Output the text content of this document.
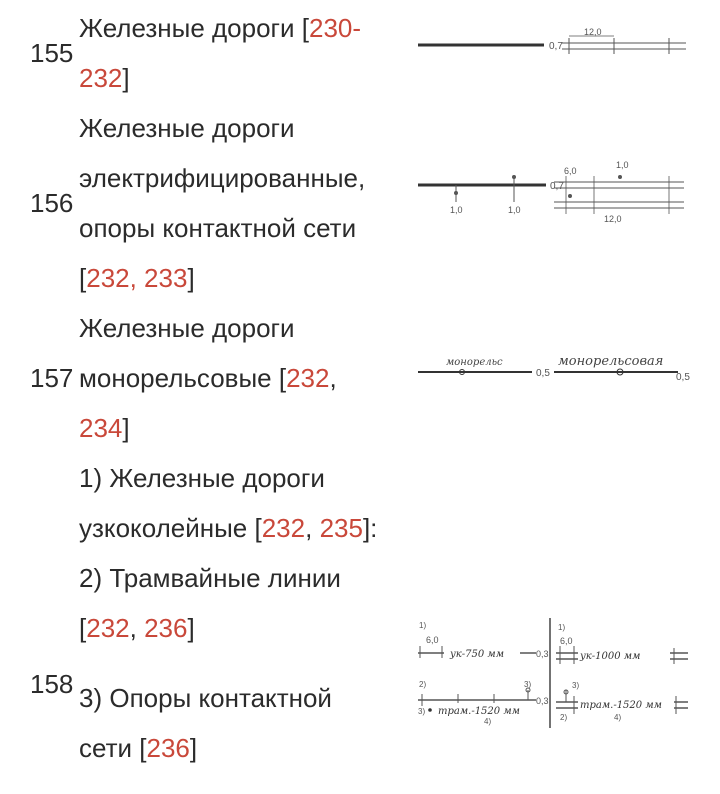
155
Железные дороги [230-
232]
0,7
12,0
156
Железные дороги
электрифицированные,
опоры контактной сети
[232, 233]
1,0	1,0
0,7
6,0
1,0
12,0
157
Железные дороги
монорельсовые [232,
234]
монорельс
0,5
монорельсовая
0,5
158
1) Железные дороги
узкоколейные [232, 235]:
2) Трамвайные линии
[232, 236]

3) Опоры контактной
сети [236]
1)
6,0
ук-750 мм	0,3
2)	3)
3) трам.-1520 мм
4)
0,3
1)
6,0
ук-1000 мм
3)
трам.-1520 мм
2)	4)
